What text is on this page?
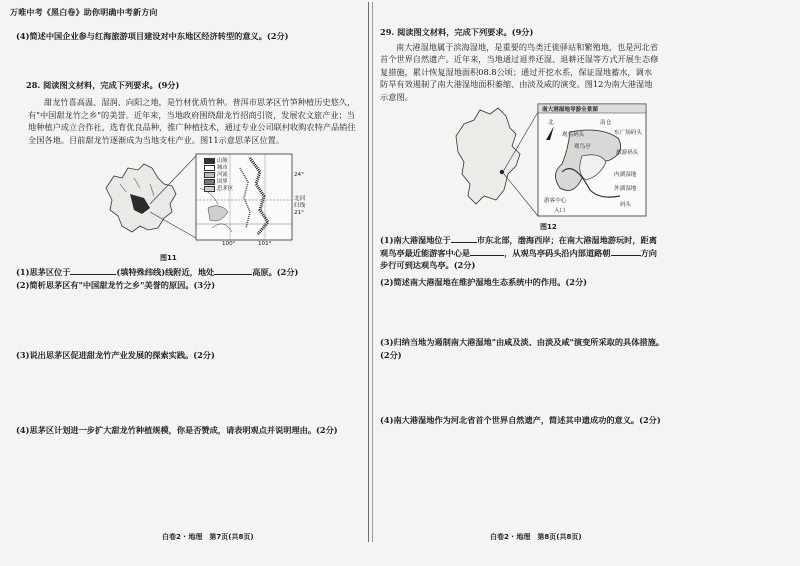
万唯中考《黑白卷》助你明确中考新方向

(4)简述中国企业参与红海旅游项目建设对中东地区经济转型的意义。(2分)

28. 阅读图文材料，完成下列要求。(9分)

甜龙竹喜高温、湿润、向阳之地，是竹材优质竹种。普洱市思茅区竹笋种植历史悠久，有"中国甜龙竹之乡"的美誉。近年来，当地政府围绕甜龙竹招商引资，发展农文旅产业；当地种植户成立合作社，选育优良品种，推广种植技术，通过专业公司联村收购农特产品销往全国各地。目前甜龙竹逐渐成为当地支柱产业。图11示意思茅区位置。

山脉
城市
河流
国界
思茅区
24°
北回
归线
21°
100°	101°
图11

(1)思茅区位于	(填特殊纬线)线附近，地处	高原。(2分)

(2)简析思茅区有"中国甜龙竹之乡"美誉的原因。(3分)

(3)说出思茅区促进甜龙竹产业发展的探索实践。(2分)

(4)思茅区计划进一步扩大甜龙竹种植规模，你是否赞成，请表明观点并说明理由。(2分)

29. 阅读图文材料，完成下列要求。(9分)

南大港湿地属于滨海湿地，是重要的鸟类迁徙驿站和繁殖地，也是河北省首个世界自然遗产。近年来，当地通过退养还湿、退耕还湿等方式开展生态修复措施，累计恢复湿地面积08.8公顷；通过开挖水系，保证湿地蓄水，调水防旱有效遏制了南大港湿地面积萎缩、由淡及咸的演变。图12为南大港湿地示意图。

南大港湿地导游全景图
北	南仓
游客中心
观鸟码头
入口
观鸟亭
东广场码头
旅游码头
内湖湿地
外湖湿地
码头
图12

(1)南大港湿地位于	市东北部，渤海西岸；在南大港湿地游玩时，距离观鸟亭最近能游客中心是	，从观鸟亭码头沿内部道路朝	方向步行可到达观鸟亭。(2分)

(2)简述南大港湿地在维护湿地生态系统中的作用。(2分)

(3)归纳当地为遏制南大港湿地"由咸及淡、由淡及咸"演变所采取的具体措施。(2分)

(4)南大港湿地作为河北省首个世界自然遗产，简述其申遗成功的意义。(2分)

白卷2 · 地理　第7页(共8页)	白卷2 · 地理　第8页(共8页)
